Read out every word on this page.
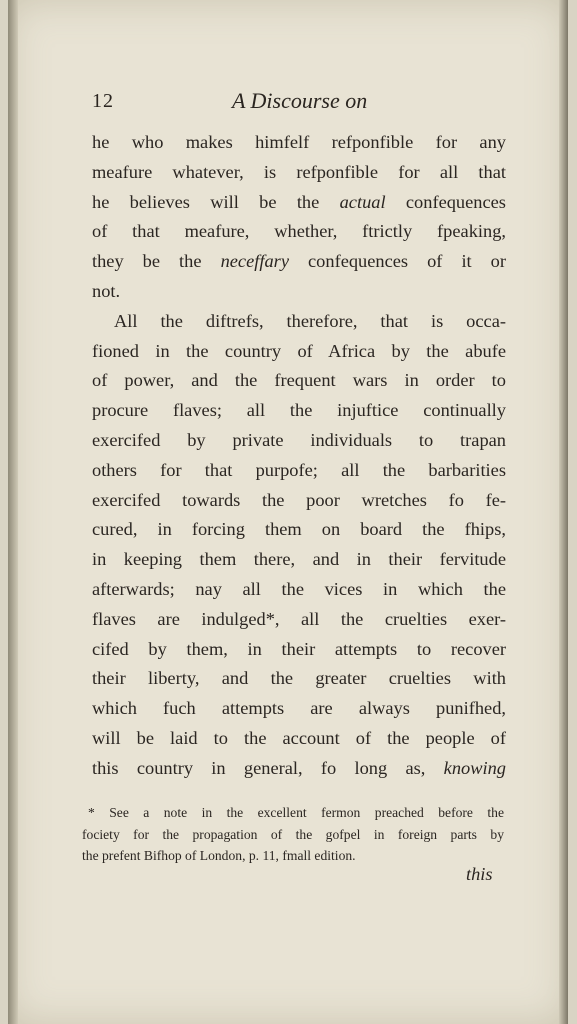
12	A Discourse on
he who makes himfelf refponfible for any
meafure whatever, is refponfible for all that
he believes will be the actual confequences
of that meafure, whether, ftrictly fpeaking,
they be the neceffary confequences of it or
not.
All the diftrefs, therefore, that is occa-
fioned in the country of Africa by the abufe
of power, and the frequent wars in order to
procure flaves; all the injuftice continually
exercifed by private individuals to trapan
others for that purpofe; all the barbarities
exercifed towards the poor wretches fo fe-
cured, in forcing them on board the fhips,
in keeping them there, and in their fervitude
afterwards; nay all the vices in which the
flaves are indulged*, all the cruelties exer-
cifed by them, in their attempts to recover
their liberty, and the greater cruelties with
which fuch attempts are always punifhed,
will be laid to the account of the people of
this country in general, fo long as, knowing
* See a note in the excellent fermon preached before the
fociety for the propagation of the gofpel in foreign parts by
the prefent Bifhop of London, p. 11, fmall edition.
this
